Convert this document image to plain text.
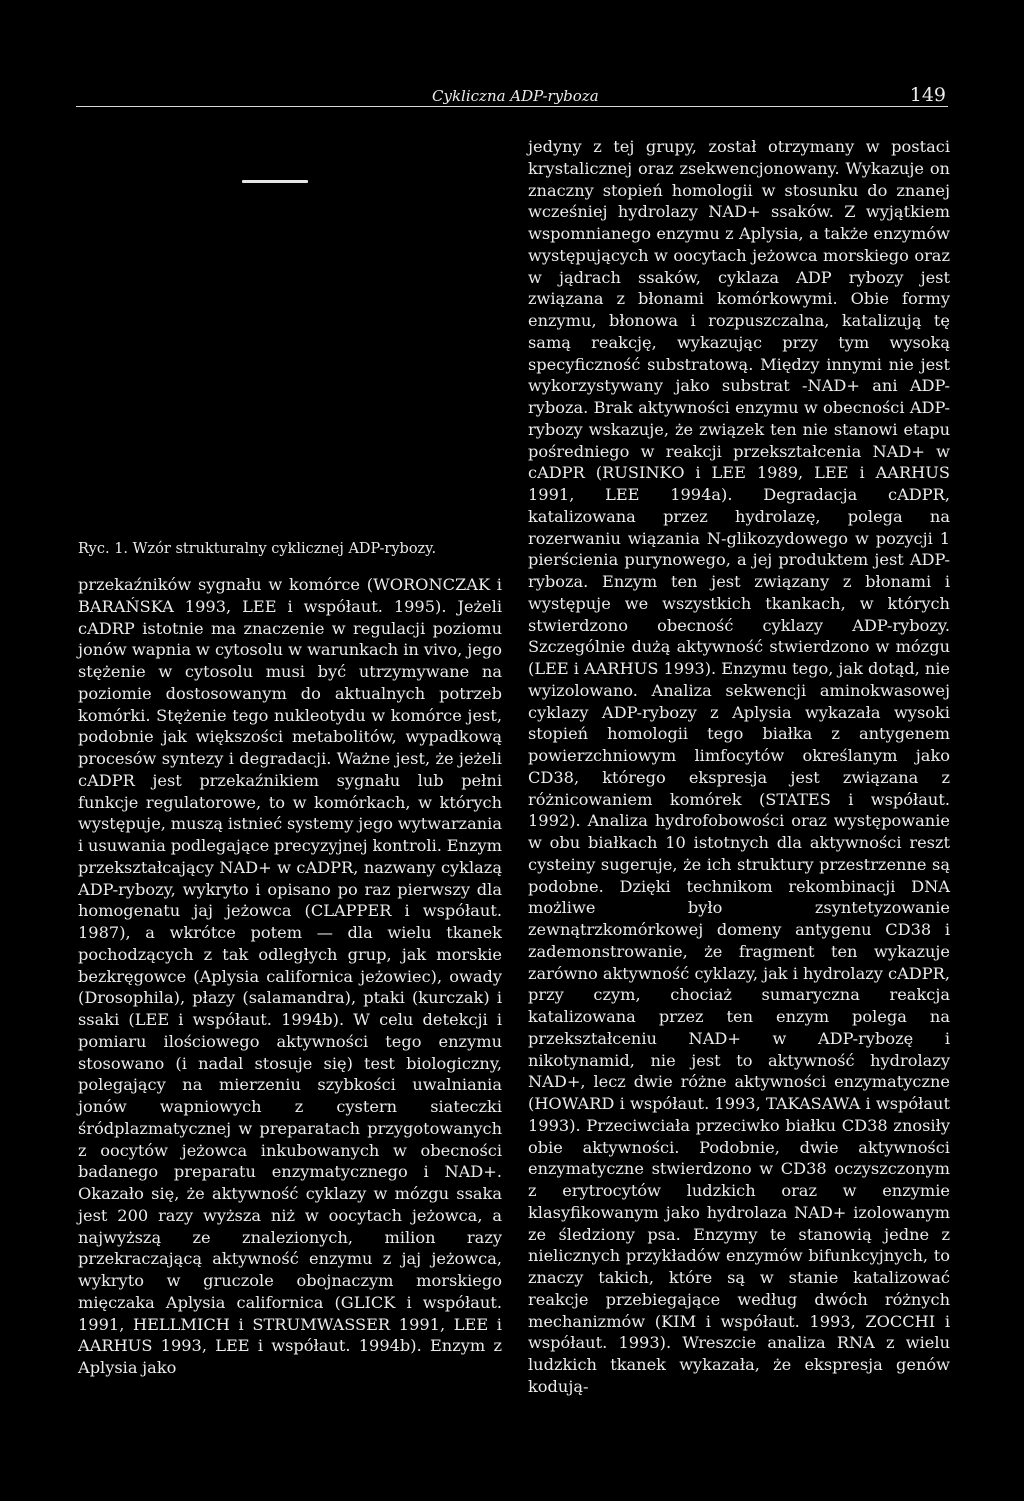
Cykliczna ADP-ryboza	149
Ryc. 1. Wzór strukturalny cyklicznej ADP-rybozy.

przekaźników sygnału w komórce (WORONCZAK i BARAŃSKA 1993, LEE i współaut. 1995). Jeżeli cADRP istotnie ma znaczenie w regulacji poziomu jonów wapnia w cytosolu w warunkach in vivo, jego stężenie w cytosolu musi być utrzymywane na poziomie dostosowanym do aktualnych potrzeb komórki. Stężenie tego nukleotydu w komórce jest, podobnie jak większości metabolitów, wypadkową procesów syntezy i degradacji. Ważne jest, że jeżeli cADPR jest przekaźnikiem sygnału lub pełni funkcje regulatorowe, to w komórkach, w których występuje, muszą istnieć systemy jego wytwarzania i usuwania podlegające precyzyjnej kontroli. Enzym przekształcający NAD+ w cADPR, nazwany cyklazą ADP-rybozy, wykryto i opisano po raz pierwszy dla homogenatu jaj jeżowca (CLAPPER i współaut. 1987), a wkrótce potem — dla wielu tkanek pochodzących z tak odległych grup, jak morskie bezkręgowce (Aplysia californica jeżowiec), owady (Drosophila), płazy (salamandra), ptaki (kurczak) i ssaki (LEE i współaut. 1994b). W celu detekcji i pomiaru ilościowego aktywności tego enzymu stosowano (i nadal stosuje się) test biologiczny, polegający na mierzeniu szybkości uwalniania jonów wapniowych z cystern siateczki śródplazmatycznej w preparatach przygotowanych z oocytów jeżowca inkubowanych w obecności badanego preparatu enzymatycznego i NAD+. Okazało się, że aktywność cyklazy w mózgu ssaka jest 200 razy wyższa niż w oocytach jeżowca, a najwyższą ze znalezionych, milion razy przekraczającą aktywność enzymu z jaj jeżowca, wykryto w gruczole obojnaczym morskiego mięczaka Aplysia californica (GLICK i współaut. 1991, HELLMICH i STRUMWASSER 1991, LEE i AARHUS 1993, LEE i współaut. 1994b). Enzym z Aplysia jako

jedyny z tej grupy, został otrzymany w postaci krystalicznej oraz zsekwencjonowany. Wykazuje on znaczny stopień homologii w stosunku do znanej wcześniej hydrolazy NAD+ ssaków. Z wyjątkiem wspomnianego enzymu z Aplysia, a także enzymów występujących w oocytach jeżowca morskiego oraz w jądrach ssaków, cyklaza ADP rybozy jest związana z błonami komórkowymi. Obie formy enzymu, błonowa i rozpuszczalna, katalizują tę samą reakcję, wykazując przy tym wysoką specyficzność substratową. Między innymi nie jest wykorzystywany jako substrat -NAD+ ani ADP-ryboza. Brak aktywności enzymu w obecności ADP-rybozy wskazuje, że związek ten nie stanowi etapu pośredniego w reakcji przekształcenia NAD+ w cADPR (RUSINKO i LEE 1989, LEE i AARHUS 1991, LEE 1994a). Degradacja cADPR, katalizowana przez hydrolazę, polega na rozerwaniu wiązania N-glikozydowego w pozycji 1 pierścienia purynowego, a jej produktem jest ADP-ryboza. Enzym ten jest związany z błonami i występuje we wszystkich tkankach, w których stwierdzono obecność cyklazy ADP-rybozy. Szczególnie dużą aktywność stwierdzono w mózgu (LEE i AARHUS 1993). Enzymu tego, jak dotąd, nie wyizolowano. Analiza sekwencji aminokwasowej cyklazy ADP-rybozy z Aplysia wykazała wysoki stopień homologii tego białka z antygenem powierzchniowym limfocytów określanym jako CD38, którego ekspresja jest związana z różnicowaniem komórek (STATES i współaut. 1992). Analiza hydrofobowości oraz występowanie w obu białkach 10 istotnych dla aktywności reszt cysteiny sugeruje, że ich struktury przestrzenne są podobne. Dzięki technikom rekombinacji DNA możliwe było zsyntetyzowanie zewnątrzkomórkowej domeny antygenu CD38 i zademonstrowanie, że fragment ten wykazuje zarówno aktywność cyklazy, jak i hydrolazy cADPR, przy czym, chociaż sumaryczna reakcja katalizowana przez ten enzym polega na przekształceniu NAD+ w ADP-rybozę i nikotynamid, nie jest to aktywność hydrolazy NAD+, lecz dwie różne aktywności enzymatyczne (HOWARD i współaut. 1993, TAKASAWA i współaut 1993). Przeciwciała przeciwko białku CD38 znosiły obie aktywności. Podobnie, dwie aktywności enzymatyczne stwierdzono w CD38 oczyszczonym z erytrocytów ludzkich oraz w enzymie klasyfikowanym jako hydrolaza NAD+ izolowanym ze śledziony psa. Enzymy te stanowią jedne z nielicznych przykładów enzymów bifunkcyjnych, to znaczy takich, które są w stanie katalizować reakcje przebiegające według dwóch różnych mechanizmów (KIM i współaut. 1993, ZOCCHI i współaut. 1993). Wreszcie analiza RNA z wielu ludzkich tkanek wykazała, że ekspresja genów kodują-
